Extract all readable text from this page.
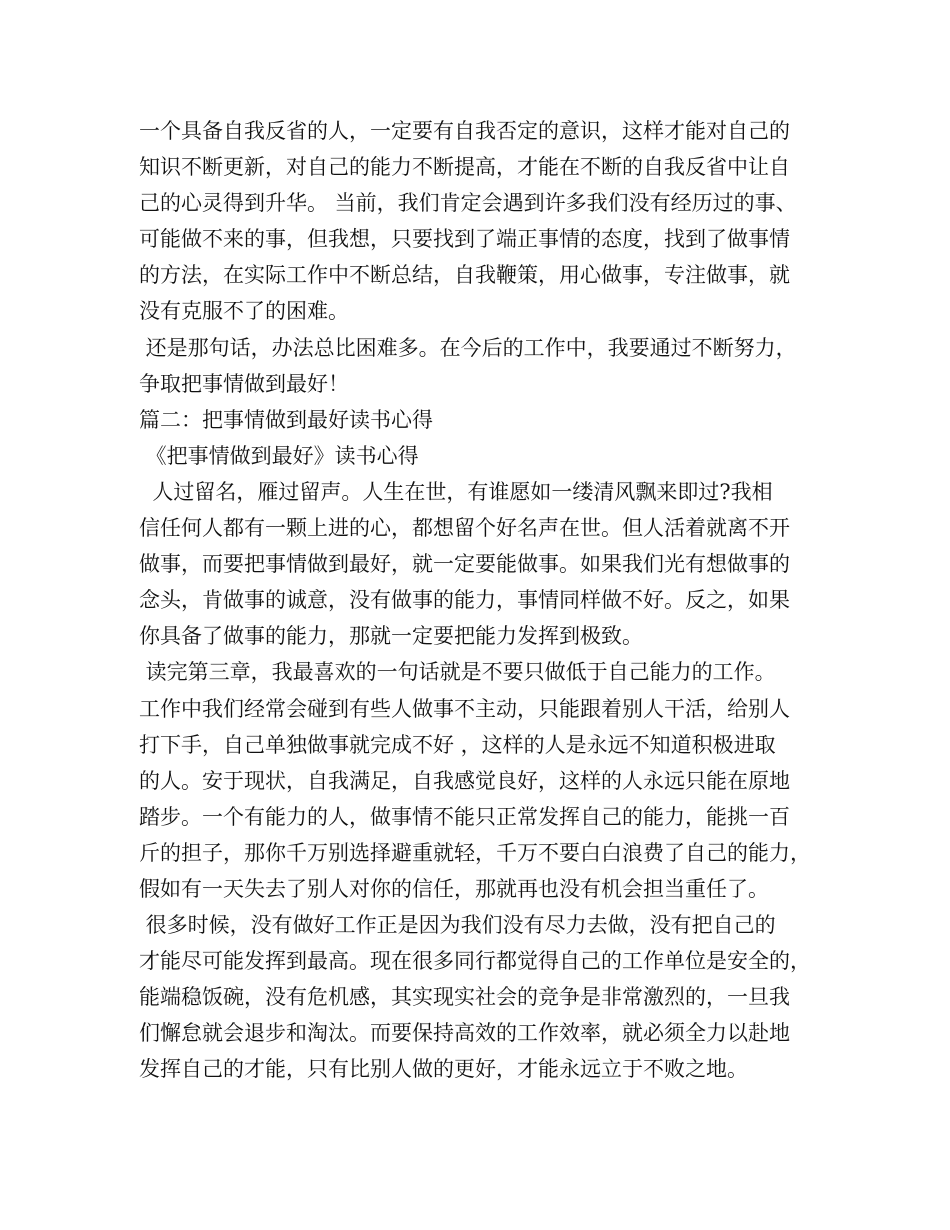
一个具备自我反省的人，一定要有自我否定的意识，这样才能对自己的
知识不断更新，对自己的能力不断提高，才能在不断的自我反省中让自
己的心灵得到升华。 当前，我们肯定会遇到许多我们没有经历过的事、
可能做不来的事，但我想，只要找到了端正事情的态度，找到了做事情
的方法，在实际工作中不断总结，自我鞭策，用心做事，专注做事，就
没有克服不了的困难。
还是那句话，办法总比困难多。在今后的工作中，我要通过不断努力，
争取把事情做到最好！
篇二：把事情做到最好读书心得
《把事情做到最好》读书心得
人过留名，雁过留声。人生在世，有谁愿如一缕清风飘来即过?我相
信任何人都有一颗上进的心，都想留个好名声在世。但人活着就离不开
做事，而要把事情做到最好，就一定要能做事。如果我们光有想做事的
念头，肯做事的诚意，没有做事的能力，事情同样做不好。反之，如果
你具备了做事的能力，那就一定要把能力发挥到极致。
读完第三章，我最喜欢的一句话就是不要只做低于自己能力的工作。
工作中我们经常会碰到有些人做事不主动，只能跟着别人干活，给别人
打下手，自己单独做事就完成不好 ，这样的人是永远不知道积极进取
的人。安于现状，自我满足，自我感觉良好，这样的人永远只能在原地
踏步。一个有能力的人，做事情不能只正常发挥自己的能力，能挑一百
斤的担子，那你千万别选择避重就轻，千万不要白白浪费了自己的能力，
假如有一天失去了别人对你的信任，那就再也没有机会担当重任了。
很多时候，没有做好工作正是因为我们没有尽力去做，没有把自己的
才能尽可能发挥到最高。现在很多同行都觉得自己的工作单位是安全的，
能端稳饭碗，没有危机感，其实现实社会的竞争是非常激烈的，一旦我
们懈怠就会退步和淘汰。而要保持高效的工作效率，就必须全力以赴地
发挥自己的才能，只有比别人做的更好，才能永远立于不败之地。
